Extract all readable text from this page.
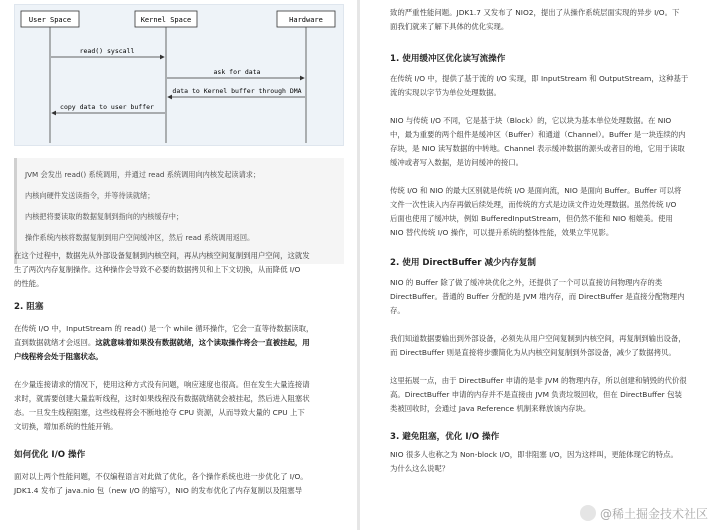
User Space	Kernel Space	Hardware
read() syscall
ask for data
data to Kernel buffer through DMA
copy data to user buffer
JVM 会发出 read() 系统调用，并通过 read 系统调用向内核发起读请求；
内核向硬件发送读指令，并等待读就绪；
内核把将要读取的数据复制到指向的内核缓存中；
操作系统内核将数据复制到用户空间缓冲区，然后 read 系统调用返回。
在这个过程中，数据先从外部设备复制到内核空间，再从内核空间复制到用户空间，这就发
生了两次内存复制操作。这种操作会导致不必要的数据拷贝和上下文切换，从而降低 I/O
的性能。
2. 阻塞
在传统 I/O 中，InputStream 的 read() 是一个 while 循环操作，它会一直等待数据读取，
直到数据就绪才会返回。这就意味着如果没有数据就绪，这个读取操作将会一直被挂起，用
户线程将会处于阻塞状态。
在少量连接请求的情况下，使用这种方式没有问题，响应速度也很高。但在发生大量连接请
求时，就需要创建大量监听线程，这时如果线程没有数据就绪就会被挂起，然后进入阻塞状
态。一旦发生线程阻塞，这些线程将会不断地抢夺 CPU 资源，从而导致大量的 CPU 上下
文切换，增加系统的性能开销。
如何优化 I/O 操作
面对以上两个性能问题，不仅编程语言对此做了优化，各个操作系统也进一步优化了 I/O。
JDK1.4 发布了 java.nio 包（new I/O 的缩写），NIO 的发布优化了内存复制以及阻塞导
致的严重性能问题。JDK1.7 又发布了 NIO2，提出了从操作系统层面实现的异步 I/O。下
面我们就来了解下具体的优化实现。
1. 使用缓冲区优化读写流操作
在传统 I/O 中，提供了基于流的 I/O 实现，即 InputStream 和 OutputStream，这种基于
流的实现以字节为单位处理数据。
NIO 与传统 I/O 不同，它是基于块（Block）的，它以块为基本单位处理数据。在 NIO
中，最为重要的两个组件是缓冲区（Buffer）和通道（Channel）。Buffer 是一块连续的内
存块，是 NIO 读写数据的中转地。Channel 表示缓冲数据的源头或者目的地，它用于读取
缓冲或者写入数据，是访问缓冲的接口。
传统 I/O 和 NIO 的最大区别就是传统 I/O 是面向流，NIO 是面向 Buffer。Buffer 可以将
文件一次性读入内存再做后续处理，而传统的方式是边读文件边处理数据。虽然传统 I/O
后面也使用了缓冲块，例如 BufferedInputStream，但仍然不能和 NIO 相媲美。使用
NIO 替代传统 I/O 操作，可以提升系统的整体性能，效果立竿见影。
2. 使用 DirectBuffer 减少内存复制
NIO 的 Buffer 除了做了缓冲块优化之外，还提供了一个可以直接访问物理内存的类
DirectBuffer。普通的 Buffer 分配的是 JVM 堆内存，而 DirectBuffer 是直接分配物理内
存。
我们知道数据要输出到外部设备，必须先从用户空间复制到内核空间，再复制到输出设备，
而 DirectBuffer 则是直接将步骤简化为从内核空间复制到外部设备，减少了数据拷贝。
这里拓展一点，由于 DirectBuffer 申请的是非 JVM 的物理内存，所以创建和销毁的代价很
高。DirectBuffer 申请的内存并不是直接由 JVM 负责垃圾回收，但在 DirectBuffer 包装
类被回收时，会通过 Java Reference 机制来释放该内存块。
3. 避免阻塞，优化 I/O 操作
NIO 很多人也称之为 Non-block I/O，即非阻塞 I/O，因为这样叫，更能体现它的特点。
为什么这么说呢？
@稀土掘金技术社区
